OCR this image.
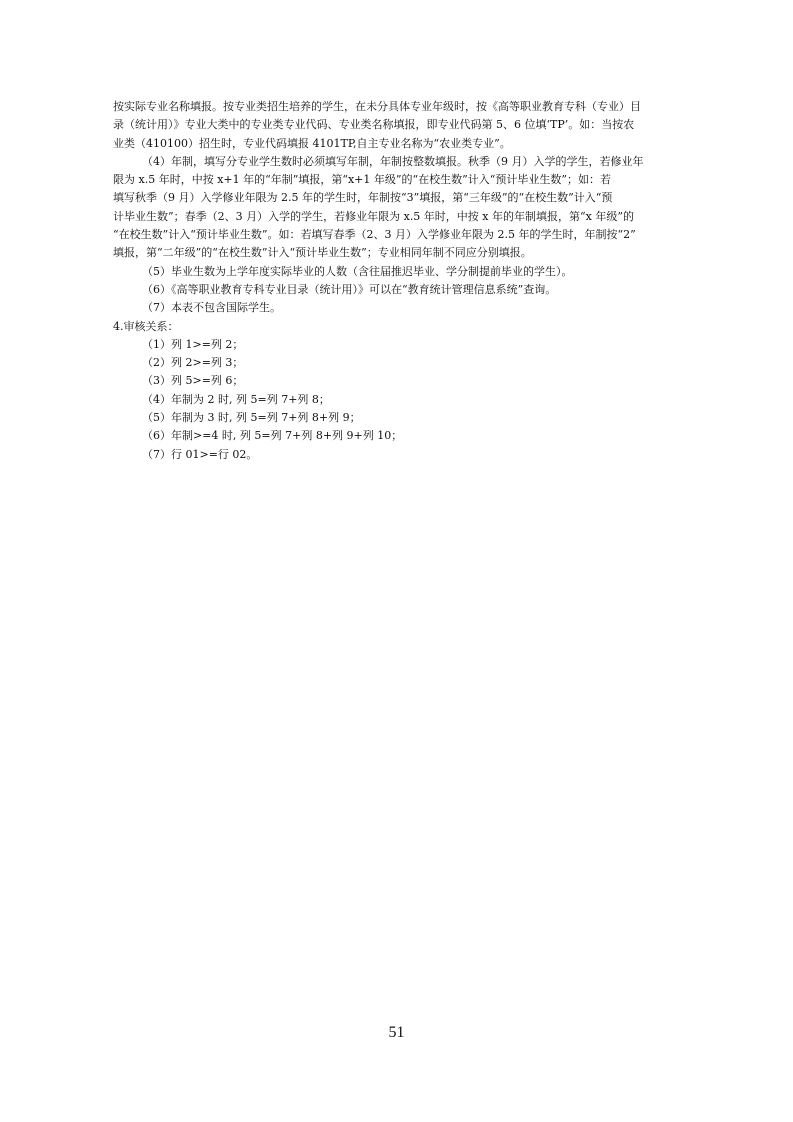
按实际专业名称填报。按专业类招生培养的学生，在未分具体专业年级时，按《高等职业教育专科（专业）目
录（统计用）》专业大类中的专业类专业代码、专业类名称填报，即专业代码第 5、6 位填‘TP’。如：当按农
业类（410100）招生时，专业代码填报 4101TP,自主专业名称为“农业类专业”。
（4）年制，填写分专业学生数时必须填写年制，年制按整数填报。秋季（9 月）入学的学生，若修业年
限为 x.5 年时，中按 x+1 年的“年制”填报，第“x+1 年级”的“在校生数”计入“预计毕业生数”；如：若
填写秋季（9 月）入学修业年限为 2.5 年的学生时，年制按“3”填报，第“三年级”的“在校生数”计入“预
计毕业生数”；春季（2、3 月）入学的学生，若修业年限为 x.5 年时，中按 x 年的年制填报，第“x 年级”的
“在校生数”计入“预计毕业生数”。如：若填写春季（2、3 月）入学修业年限为 2.5 年的学生时，年制按“2”
填报，第“二年级”的“在校生数”计入“预计毕业生数”；专业相同年制不同应分别填报。
（5）毕业生数为上学年度实际毕业的人数（含往届推迟毕业、学分制提前毕业的学生）。
（6）《高等职业教育专科专业目录（统计用）》可以在“教育统计管理信息系统”查询。
（7）本表不包含国际学生。
4.审核关系：
（1）列 1>=列 2；
（2）列 2>=列 3；
（3）列 5>=列 6；
（4）年制为 2 时, 列 5=列 7+列 8；
（5）年制为 3 时, 列 5=列 7+列 8+列 9；
（6）年制>=4 时, 列 5=列 7+列 8+列 9+列 10；
（7）行 01>=行 02。
51
